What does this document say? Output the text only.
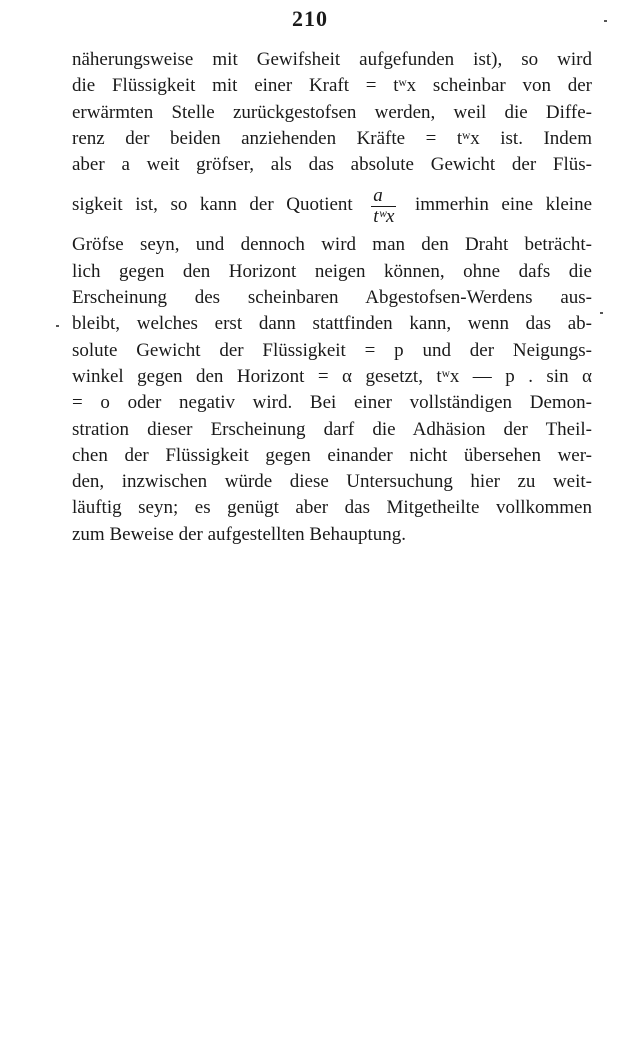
210
näherungsweise mit Gewifsheit aufgefunden ist), so wird
die Flüssigkeit mit einer Kraft = tʷx scheinbar von der
erwärmten Stelle zurückgestofsen werden, weil die Diffe-
renz der beiden anziehenden Kräfte = tʷx ist. Indem
aber a weit gröfser, als das absolute Gewicht der Flüs-
sigkeit ist, so kann der Quotient $\frac{a}{\text{tʷx}}$ immerhin eine kleine
Gröfse seyn, und dennoch wird man den Draht beträcht-
lich gegen den Horizont neigen können, ohne dafs die
Erscheinung des scheinbaren Abgestofsen-Werdens aus-
bleibt, welches erst dann stattfinden kann, wenn das ab-
solute Gewicht der Flüssigkeit = p und der Neigungs-
winkel gegen den Horizont = α gesetzt, tʷx — p . sin α
= o oder negativ wird. Bei einer vollständigen Demon-
stration dieser Erscheinung darf die Adhäsion der Theil-
chen der Flüssigkeit gegen einander nicht übersehen wer-
den, inzwischen würde diese Untersuchung hier zu weit-
läuftig seyn; es genügt aber das Mitgetheilte vollkommen
zum Beweise der aufgestellten Behauptung.
